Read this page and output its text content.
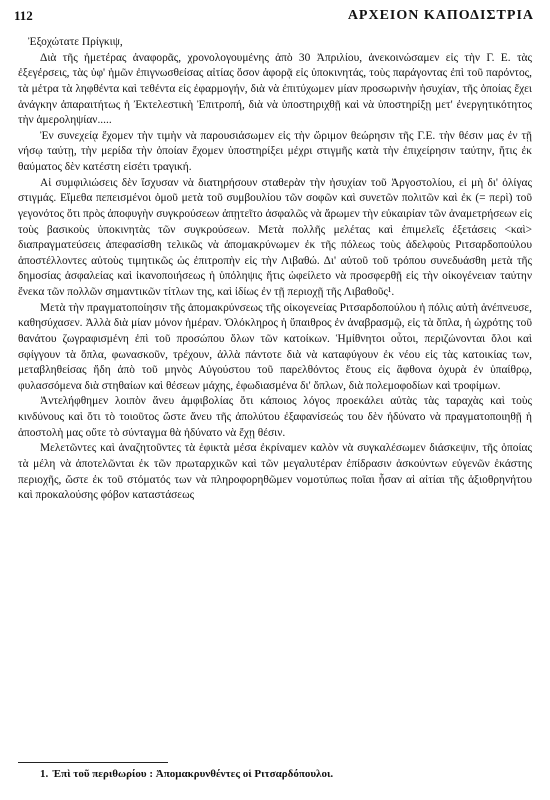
112	ΑΡΧΕΙΟΝ ΚΑΠΟΔΙΣΤΡΙΑ

Ἐξοχώτατε Πρίγκιψ,

Διὰ τῆς ἡμετέρας ἀναφορᾶς, χρονολογουμένης ἀπὸ 30 Ἀπριλίου, ἀνεκοινώσαμεν εἰς τὴν Γ. Ε. τὰς ἐξεγέρσεις, τὰς ὑφ' ἡμῶν ἐπιγνωσθείσας αἰτίας ὅσον ἀφορᾷ εἰς ὑποκινητάς, τοὺς παράγοντας ἐπὶ τοῦ παρόντος, τὰ μέτρα τὰ ληφθέντα καὶ τεθέντα εἰς ἐφαρμογήν, διὰ νὰ ἐπιτύχωμεν μίαν προσωρινὴν ἡσυχίαν, τῆς ὁποίας ἔχει ἀνάγκην ἀπαραιτήτως ἡ Ἐκτελεστικὴ Ἐπιτροπή, διὰ νὰ ὑποστηριχθῇ καὶ νὰ ὑποστηρίξῃ μετ' ἐνεργητικότητος τὴν ἀμεροληψίαν.....

Ἐν συνεχείᾳ ἔχομεν τὴν τιμὴν νὰ παρουσιάσωμεν εἰς τὴν ὥριμον θεώρησιν τῆς Γ.Ε. τὴν θέσιν μας ἐν τῇ νήσῳ ταύτῃ, τὴν μερίδα τὴν ὁποίαν ἔχομεν ὑποστηρίξει μέχρι στιγμῆς κατὰ τὴν ἐπιχείρησιν ταύτην, ἥτις ἐκ θαύματος δὲν κατέστη εἰσέτι τραγική.

Αἱ συμφιλιώσεις δὲν ἴσχυσαν νὰ διατηρήσουν σταθερὰν τὴν ἡσυχίαν τοῦ Ἀργοστολίου, εἰ μὴ δι' ὀλίγας στιγμάς. Εἴμεθα πεπεισμένοι ὁμοῦ μετὰ τοῦ συμβουλίου τῶν σοφῶν καὶ συνετῶν πολιτῶν καὶ ἐκ (= περὶ) τοῦ γεγονότος ὅτι πρὸς ἀποφυγὴν συγκρούσεων ἀπῃτεῖτο ἀσφαλῶς νὰ ἄρωμεν τὴν εὐκαιρίαν τῶν ἀναμετρήσεων εἰς τοὺς βασικοὺς ὑποκινητὰς τῶν συγκρούσεων. Μετὰ πολλῆς μελέτας καὶ ἐπιμελεῖς ἐξετάσεις <καὶ> διαπραγματεύσεις ἀπεφασίσθη τελικῶς νὰ ἀπομακρύνωμεν ἐκ τῆς πόλεως τοὺς ἀδελφοὺς Ριτσαρδοπούλου ἀποστέλλοντες αὐτοὺς τιμητικῶς ὡς ἐπιτροπὴν εἰς τὴν Λιβαθώ. Δι' αὐτοῦ τοῦ τρόπου συνεδυάσθη μετὰ τῆς δημοσίας ἀσφαλείας καὶ ἱκανοποιήσεως ἡ ὑπόληψις ἥτις ὠφείλετο νὰ προσφερθῇ εἰς τὴν οἰκογένειαν ταύτην ἕνεκα τῶν πολλῶν σημαντικῶν τίτλων της, καὶ ἰδίως ἐν τῇ περιοχῇ τῆς Λιβαθοῦς¹.

Μετὰ τὴν πραγματοποίησιν τῆς ἀπομακρύνσεως τῆς οἰκογενείας Ριτσαρδοπούλου ἡ πόλις αὐτὴ ἀνέπνευσε, καθησύχασεν. Ἀλλὰ διὰ μίαν μόνον ἡμέραν. Ὁλόκληρος ἡ ὕπαιθρος ἐν ἀναβρασμῷ, εἰς τὰ ὅπλα, ἡ ὠχρότης τοῦ θανάτου ζωγραφισμένη ἐπὶ τοῦ προσώπου ὅλων τῶν κατοίκων. Ἡμίθνητοι οὗτοι, περιζώνονται ὅλοι καὶ σφίγγουν τὰ ὅπλα, φωνασκοῦν, τρέχουν, ἀλλὰ πάντοτε διὰ νὰ καταφύγουν ἐκ νέου εἰς τὰς κατοικίας των, μεταβληθείσας ἤδη ἀπὸ τοῦ μηνὸς Αὐγούστου τοῦ παρελθόντος ἔτους εἰς ἄφθονα ὀχυρὰ ἐν ὑπαίθρῳ, φυλασσόμενα διὰ στηθαίων καὶ θέσεων μάχης, ἐφωδιασμένα δι' ὅπλων, διὰ πολεμοφοδίων καὶ τροφίμων.

Ἀντελήφθημεν λοιπὸν ἄνευ ἀμφιβολίας ὅτι κάποιος λόγος προεκάλει αὐτὰς τὰς ταραχὰς καὶ τοὺς κινδύνους καὶ ὅτι τὸ τοιοῦτος ὥστε ἄνευ τῆς ἀπολύτου ἐξαφανίσεώς του δὲν ἠδύνατο νὰ πραγματοποιηθῇ ἡ ἀποστολὴ μας οὔτε τὸ σύνταγμα θὰ ἠδύνατο νὰ ἔχῃ θέσιν.

Μελετῶντες καὶ ἀναζητοῦντες τὰ ἐφικτὰ μέσα ἐκρίναμεν καλὸν νὰ συγκαλέσωμεν διάσκεψιν, τῆς ὁποίας τὰ μέλη νὰ ἀποτελῶνται ἐκ τῶν πρωταρχικῶν καὶ τῶν μεγαλυτέραν ἐπίδρασιν ἀσκούντων εὐγενῶν ἑκάστης περιοχῆς, ὥστε ἐκ τοῦ στόματός των νὰ πληροφορηθῶμεν νομοτύπως ποῖαι ἦσαν αἱ αἰτίαι τῆς ἀξιοθρηνήτου καὶ προκαλούσης φόβον καταστάσεως

1. Ἐπὶ τοῦ περιθωρίου : Ἀπομακρυνθέντες οἱ Ριτσαρδόπουλοι.
